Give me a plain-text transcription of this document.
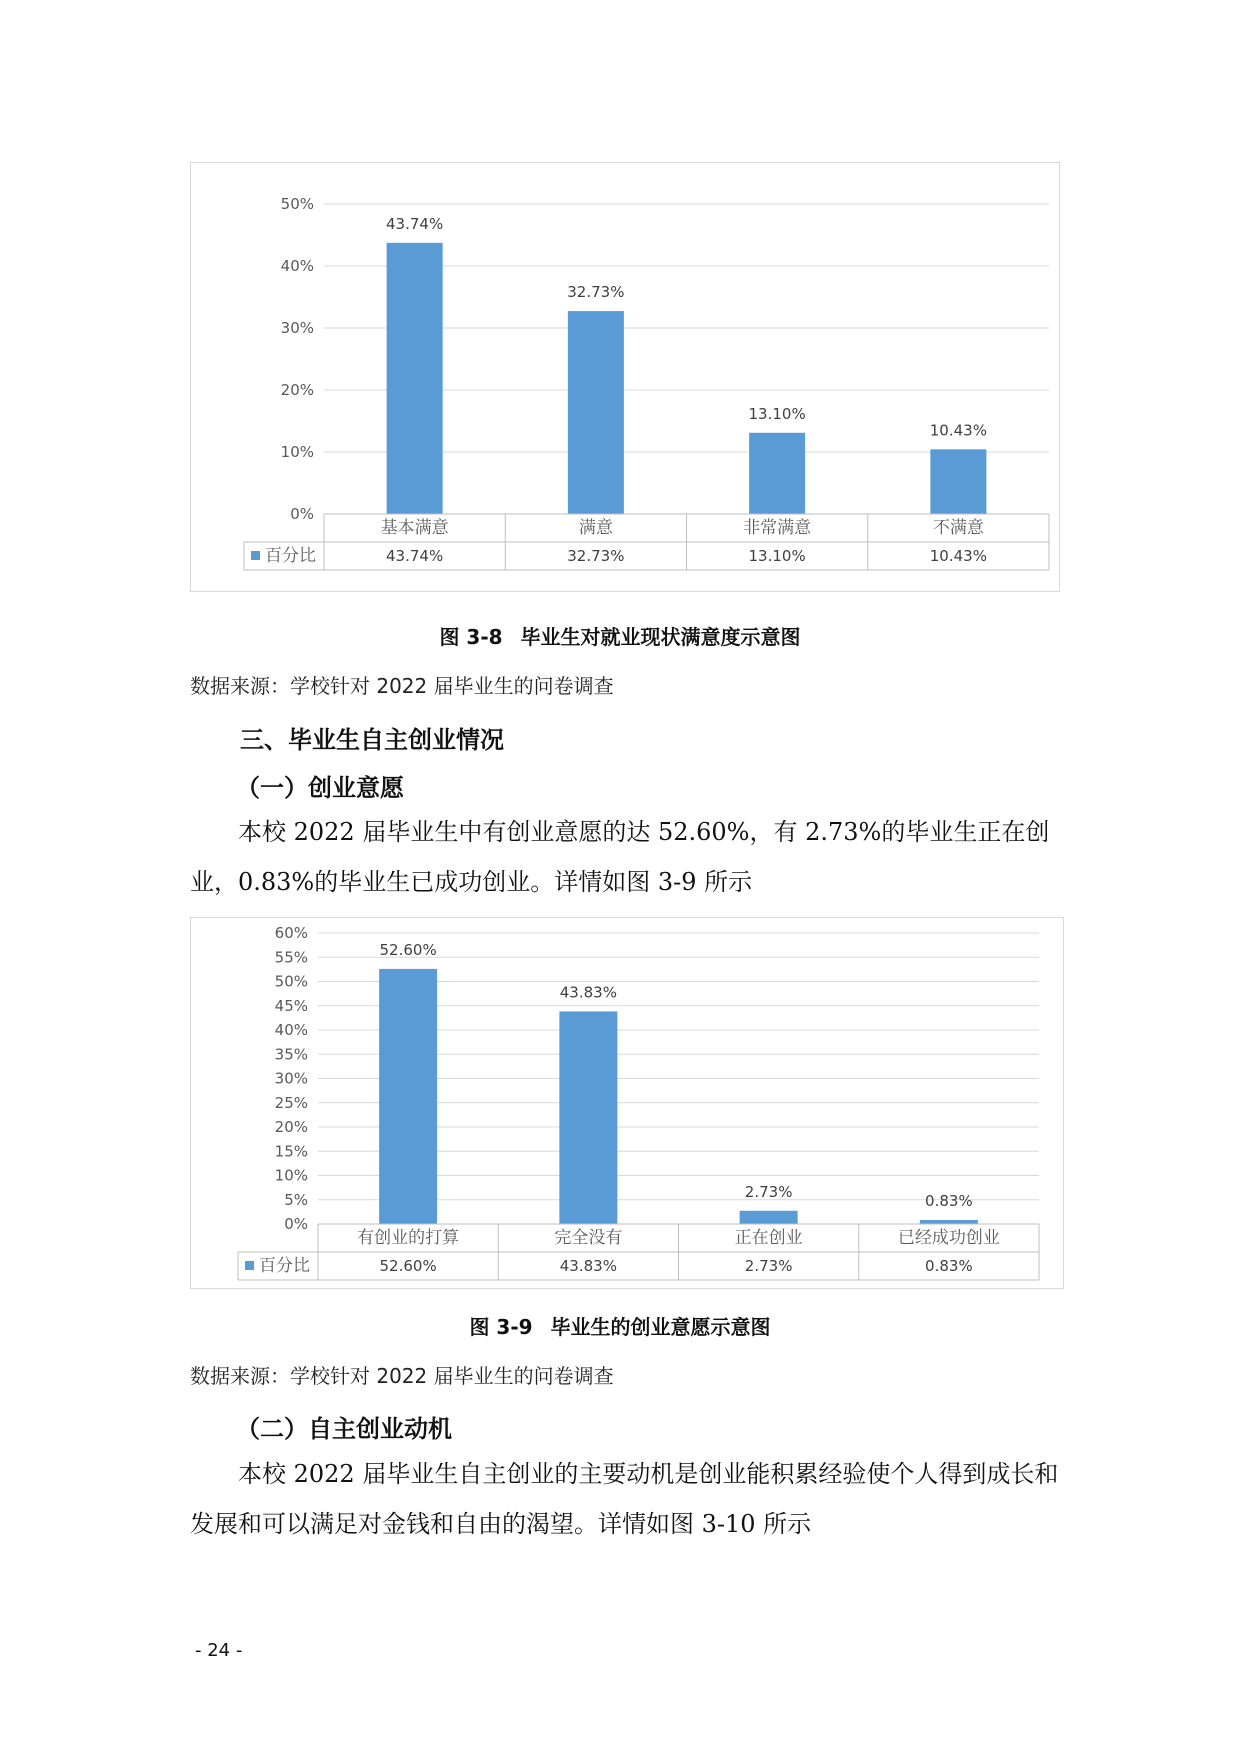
0%
10%
20%
30%
40%
50%
43.74%
32.73%
13.10%
10.43%
基本满意
43.74%
满意
32.73%
非常满意
13.10%
不满意
10.43%
百分比
图 3-8 毕业生对就业现状满意度示意图
数据来源：学校针对 2022 届毕业生的问卷调查
三、毕业生自主创业情况
（一）创业意愿

本校 2022 届毕业生中有创业意愿的达 52.60%，有 2.73%的毕业生正在创业，0.83%的毕业生已成功创业。详情如图 3-9 所示

0%
5%
10%
15%
20%
25%
30%
35%
40%
45%
50%
55%
60%
52.60%
43.83%
2.73%
0.83%
有创业的打算
52.60%
完全没有
43.83%
正在创业
2.73%
已经成功创业
0.83%
百分比
图 3-9 毕业生的创业意愿示意图
数据来源：学校针对 2022 届毕业生的问卷调查
（二）自主创业动机

本校 2022 届毕业生自主创业的主要动机是创业能积累经验使个人得到成长和发展和可以满足对金钱和自由的渴望。详情如图 3-10 所示

- 24 -
